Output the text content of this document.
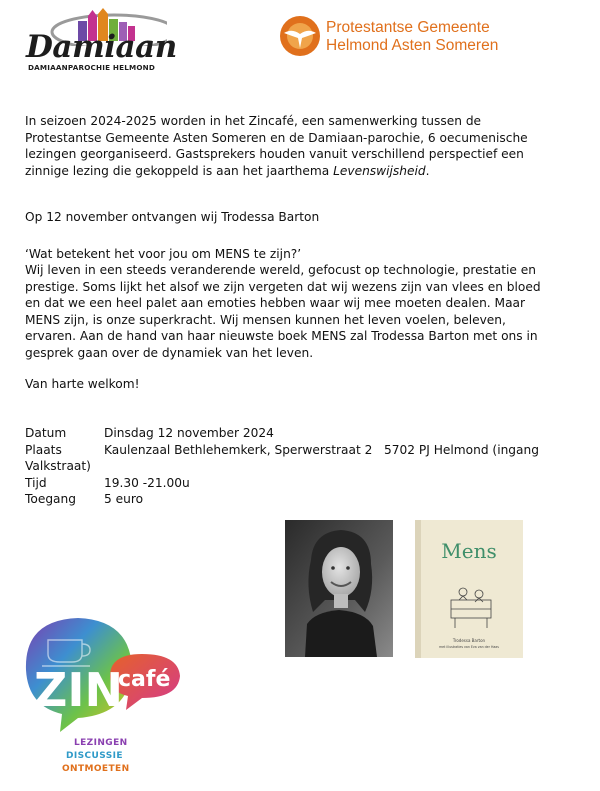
Damiaan
DAMIAANPAROCHIE HELMOND
Protestantse Gemeente
Helmond Asten Someren
In seizoen 2024-2025 worden in het Zincafé, een samenwerking tussen de Protestantse Gemeente Asten Someren en de Damiaan-parochie, 6 oecumenische lezingen georganiseerd. Gastsprekers houden vanuit verschillend perspectief een zinnige lezing die gekoppeld is aan het jaarthema Levenswijsheid.
Op 12 november ontvangen wij Trodessa Barton
‘Wat betekent het voor jou om MENS te zijn?’
Wij leven in een steeds veranderende wereld, gefocust op technologie, prestatie en prestige. Soms lijkt het alsof we zijn vergeten dat wij wezens zijn van vlees en bloed en dat we een heel palet aan emoties hebben waar wij mee moeten dealen. Maar MENS zijn, is onze superkracht. Wij mensen kunnen het leven voelen, beleven, ervaren. Aan de hand van haar nieuwste boek MENS zal Trodessa Barton met ons in gesprek gaan over de dynamiek van het leven.
Van harte welkom!
Datum	Dinsdag 12 november 2024
Plaats	Kaulenzaal Bethlehemkerk, Sperwerstraat 2   5702 PJ Helmond (ingang
Valkstraat)
Tijd	19.30 -21.00u
Toegang 5 euro
Mens
Trodessa Barton
met illustraties van Eva van der Haas
ZIN
café
LEZINGEN
DISCUSSIE
ONTMOETEN
